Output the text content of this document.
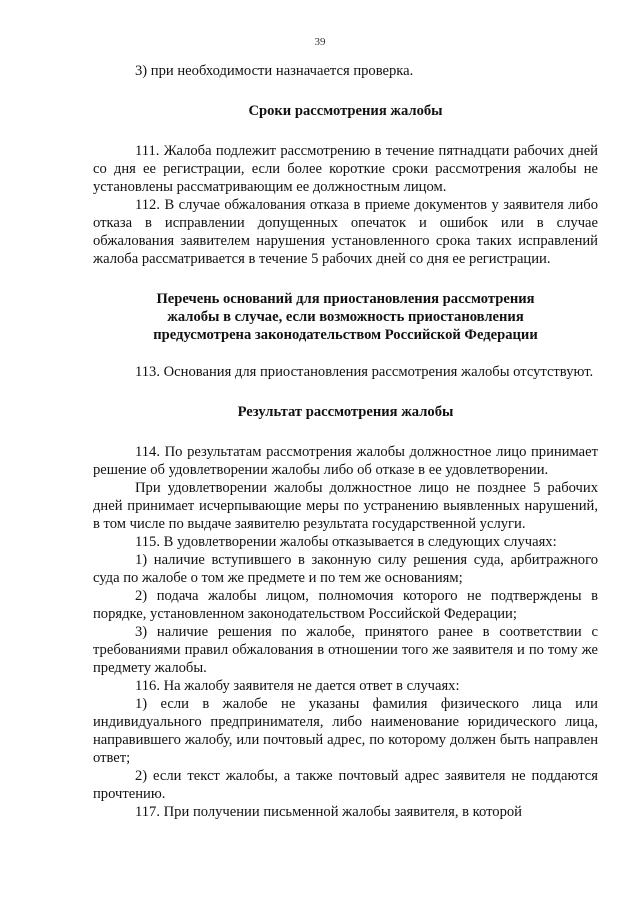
39

3) при необходимости назначается проверка.

Сроки рассмотрения жалобы

111. Жалоба подлежит рассмотрению в течение пятнадцати рабочих дней со дня ее регистрации, если более короткие сроки рассмотрения жалобы не установлены рассматривающим ее должностным лицом.

112. В случае обжалования отказа в приеме документов у заявителя либо отказа в исправлении допущенных опечаток и ошибок или в случае обжалования заявителем нарушения установленного срока таких исправлений жалоба рассматривается в течение 5 рабочих дней со дня ее регистрации.

Перечень оснований для приостановления рассмотрения
жалобы в случае, если возможность приостановления
предусмотрена законодательством Российской Федерации

113. Основания для приостановления рассмотрения жалобы отсутствуют.

Результат рассмотрения жалобы

114. По результатам рассмотрения жалобы должностное лицо принимает решение об удовлетворении жалобы либо об отказе в ее удовлетворении.

При удовлетворении жалобы должностное лицо не позднее 5 рабочих дней принимает исчерпывающие меры по устранению выявленных нарушений, в том числе по выдаче заявителю результата государственной услуги.

115. В удовлетворении жалобы отказывается в следующих случаях:

1) наличие вступившего в законную силу решения суда, арбитражного суда по жалобе о том же предмете и по тем же основаниям;

2) подача жалобы лицом, полномочия которого не подтверждены в порядке, установленном законодательством Российской Федерации;

3) наличие решения по жалобе, принятого ранее в соответствии с требованиями правил обжалования в отношении того же заявителя и по тому же предмету жалобы.

116. На жалобу заявителя не дается ответ в случаях:

1) если в жалобе не указаны фамилия физического лица или индивидуального предпринимателя, либо наименование юридического лица, направившего жалобу, или почтовый адрес, по которому должен быть направлен ответ;

2) если текст жалобы, а также почтовый адрес заявителя не поддаются прочтению.

117. При получении письменной жалобы заявителя, в которой
